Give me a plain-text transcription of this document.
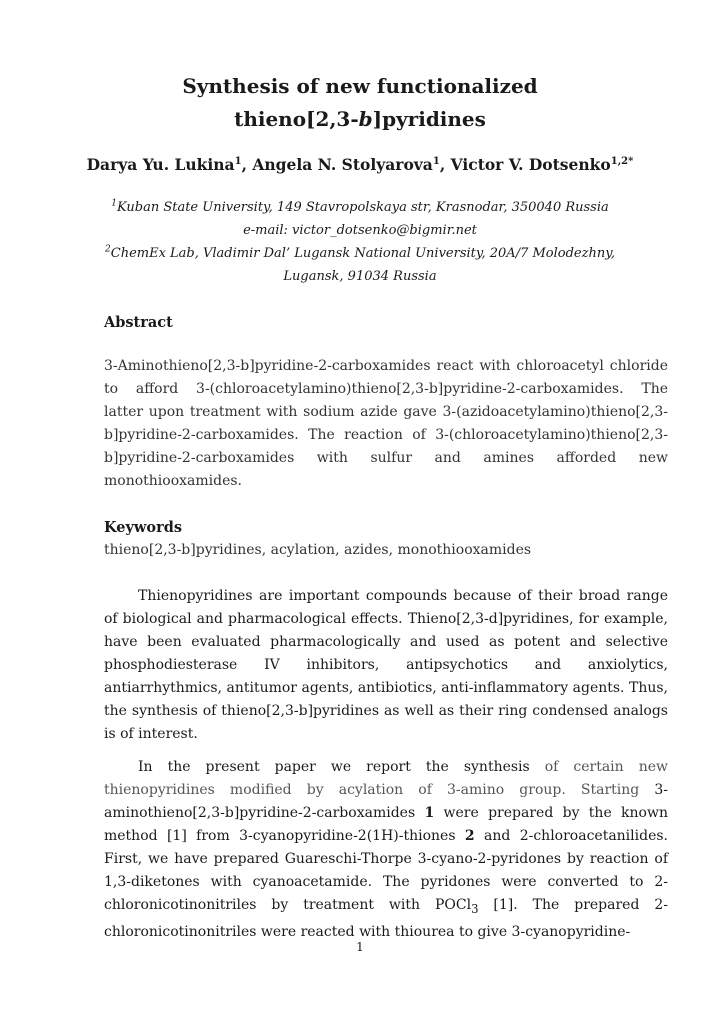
Synthesis of new functionalized
thieno[2,3-b]pyridines
Darya Yu. Lukina$^1$, Angela N. Stolyarova$^1$, Victor V. Dotsenko$^{1,2*}$
$^1$Kuban State University, 149 Stavropolskaya str, Krasnodar, 350040 Russia
e-mail: victor_dotsenko@bigmir.net
$^2$ChemEx Lab, Vladimir Dal’ Lugansk National University, 20A/7 Molodezhny,
Lugansk, 91034 Russia
Abstract
3-Aminothieno[2,3-b]pyridine-2-carboxamides react with chloroacetyl chloride to afford 3-(chloroacetylamino)thieno[2,3-b]pyridine-2-carboxamides. The latter upon treatment with sodium azide gave 3-(azidoacetylamino)thieno[2,3-b]pyridine-2-carboxamides. The reaction of 3-(chloroacetylamino)thieno[2,3-b]pyridine-2-carboxamides with sulfur and amines afforded new monothiooxamides.
Keywords
thieno[2,3-b]pyridines, acylation, azides, monothiooxamides
Thienopyridines are important compounds because of their broad range of biological and pharmacological effects. Thieno[2,3-d]pyridines, for example, have been evaluated pharmacologically and used as potent and selective phosphodiesterase IV inhibitors, antipsychotics and anxiolytics, antiarrhythmics, antitumor agents, antibiotics, anti-inflammatory agents. Thus, the synthesis of thieno[2,3-b]pyridines as well as their ring condensed analogs is of interest.
In the present paper we report the synthesis of certain new thienopyridines modified by acylation of 3-amino group. Starting 3-aminothieno[2,3-b]pyridine-2-carboxamides 1 were prepared by the known method [1] from 3-cyanopyridine-2(1H)-thiones 2 and 2-chloroacetanilides. First, we have prepared Guareschi-Thorpe 3-cyano-2-pyridones by reaction of 1,3-diketones with cyanoacetamide. The pyridones were converted to 2-chloronicotinonitriles by treatment with POCl$_3$ [1]. The prepared 2-chloronicotinonitriles were reacted with thiourea to give 3-cyanopyridine-
1
